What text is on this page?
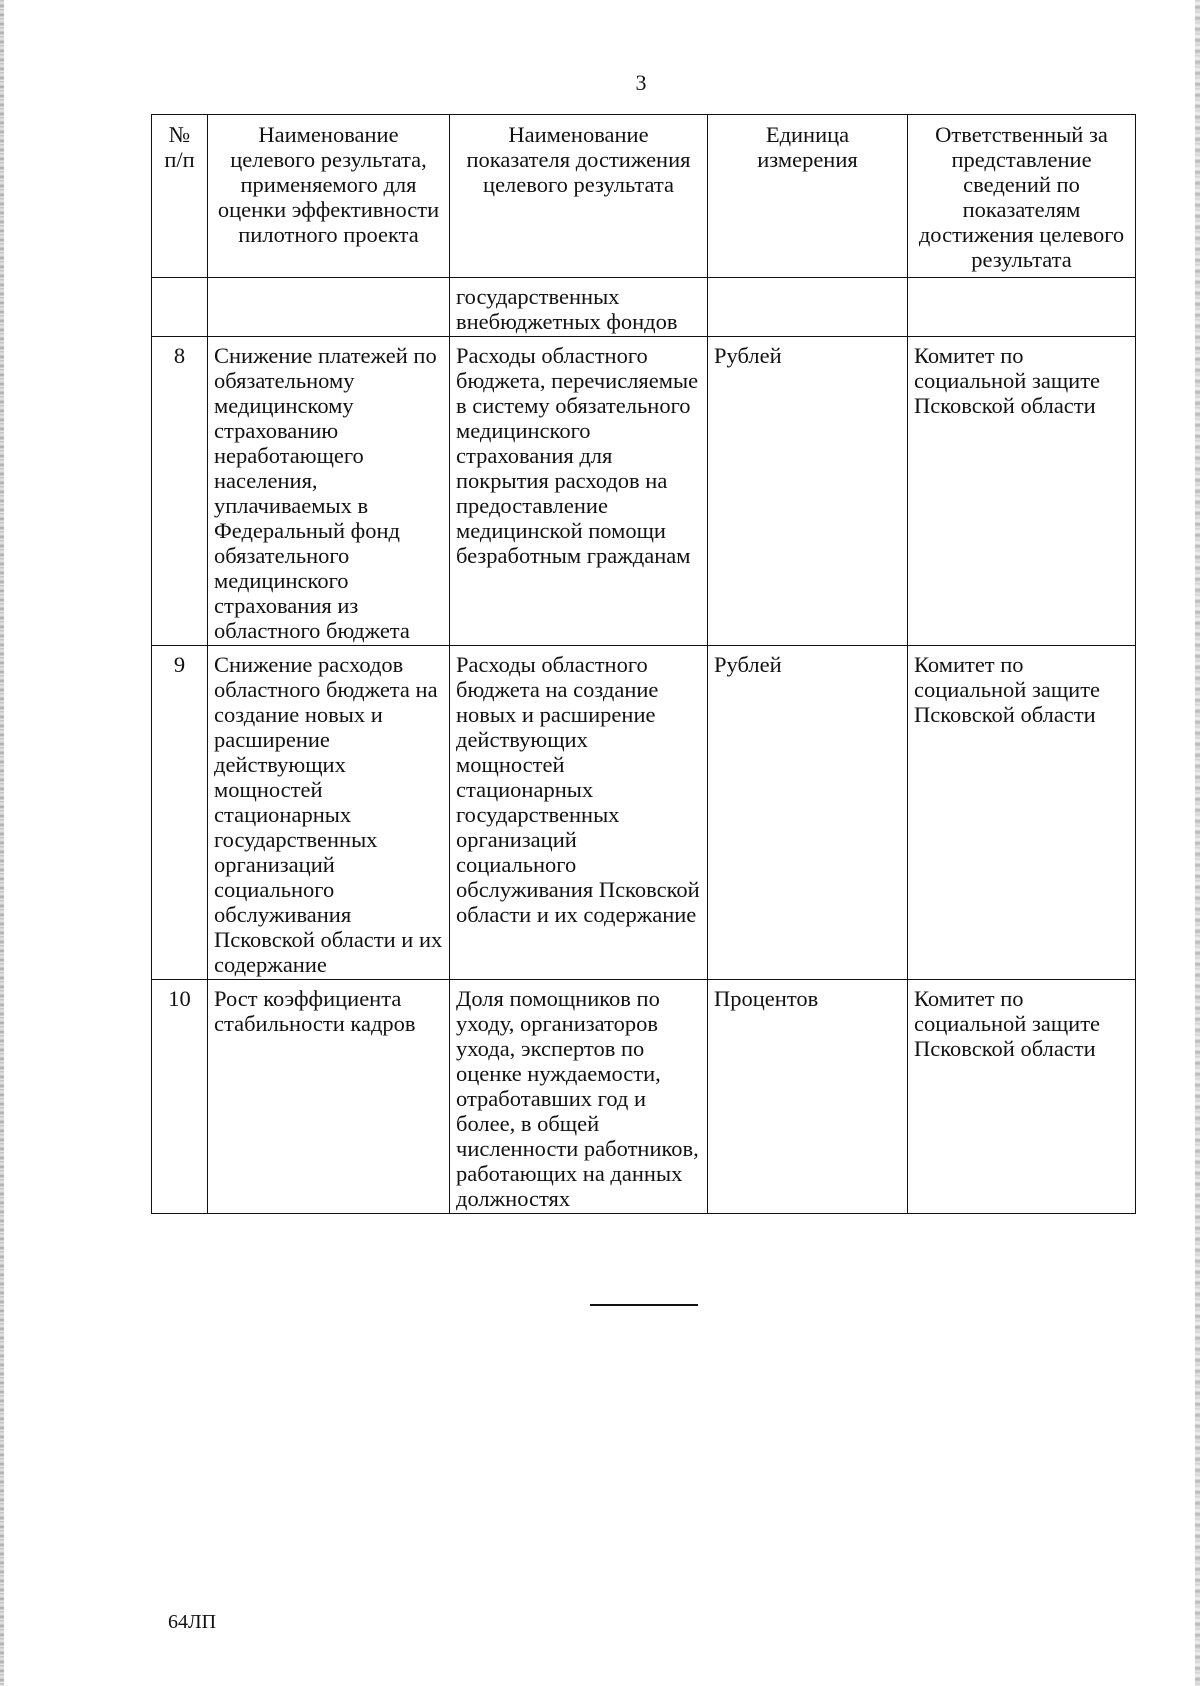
3
№ п/п	Наименование целевого результата, применяемого для оценки эффективности пилотного проекта	Наименование показателя достижения целевого результата	Единица измерения	Ответственный за представление сведений по показателям достижения целевого результата
		государственных внебюджетных фондов		
8	Снижение платежей по обязательному медицинскому страхованию неработающего населения, уплачиваемых в Федеральный фонд обязательного медицинского страхования из областного бюджета	Расходы областного бюджета, перечисляемые в систему обязательного медицинского страхования для покрытия расходов на предоставление медицинской помощи безработным гражданам	Рублей	Комитет по социальной защите Псковской области
9	Снижение расходов областного бюджета на создание новых и расширение действующих мощностей стационарных государственных организаций социального обслуживания Псковской области и их содержание	Расходы областного бюджета на создание новых и расширение действующих мощностей стационарных государственных организаций социального обслуживания Псковской области и их содержание	Рублей	Комитет по социальной защите Псковской области
10	Рост коэффициента стабильности кадров	Доля помощников по уходу, организаторов ухода, экспертов по оценке нуждаемости, отработавших год и более, в общей численности работников, работающих на данных должностях	Процентов	Комитет по социальной защите Псковской области
64ЛП
